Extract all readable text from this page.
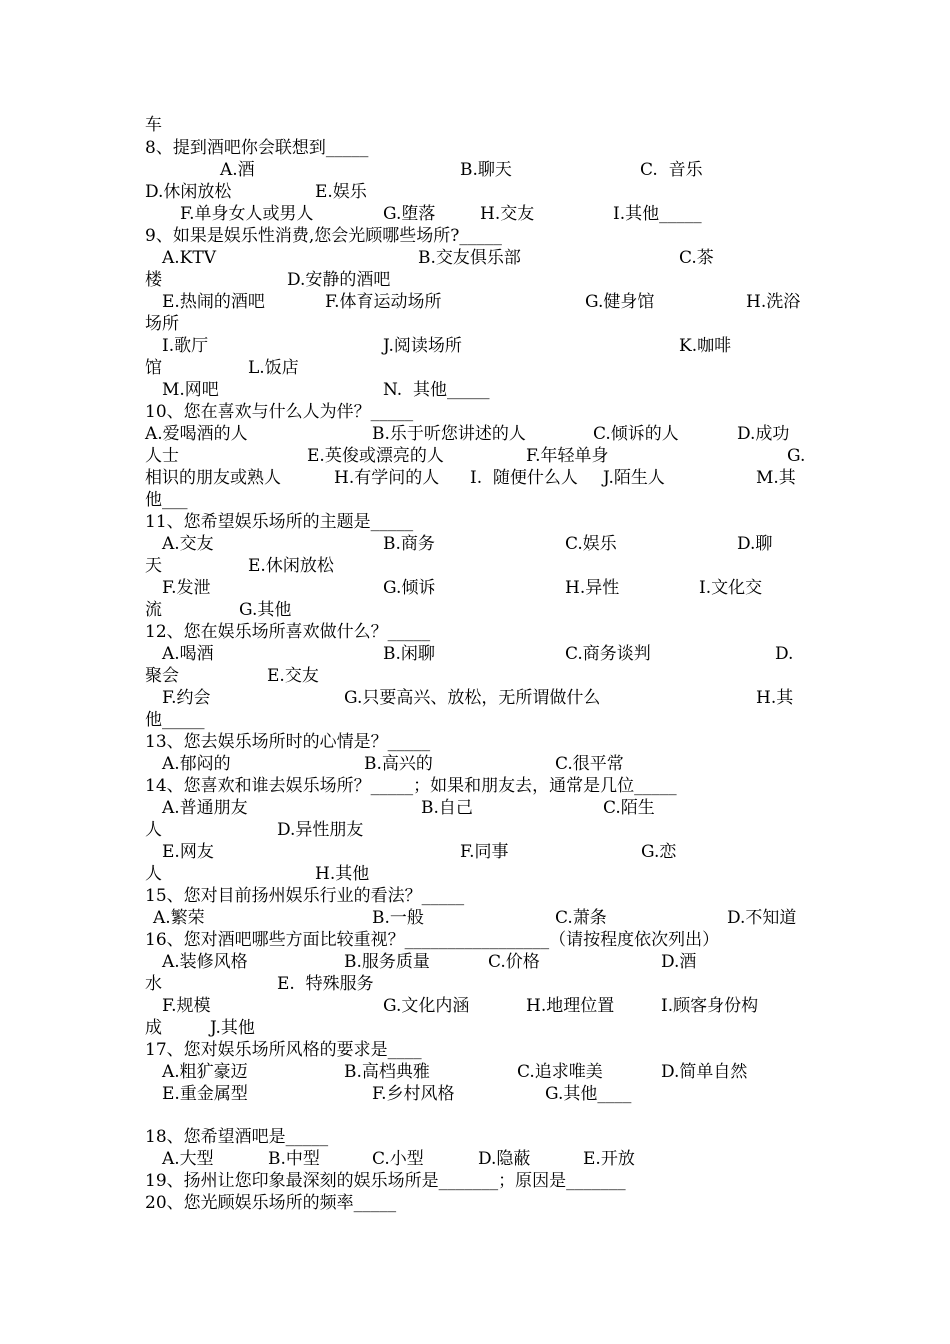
车
8、提到酒吧你会联想到_____
A.酒	B.聊天	C.  音乐
D.休闲放松	E.娱乐
F.单身女人或男人	G.堕落	H.交友	I.其他_____
9、如果是娱乐性消费,您会光顾哪些场所?_____
A.KTV	B.交友俱乐部	C.茶
楼	D.安静的酒吧
E.热闹的酒吧	F.体育运动场所	G.健身馆	H.洗浴
场所
I.歌厅	J.阅读场所	K.咖啡
馆	L.饭店
M.网吧	N.  其他_____
10、您在喜欢与什么人为伴？_____
A.爱喝酒的人	B.乐于听您讲述的人	C.倾诉的人	D.成功
人士	E.英俊或漂亮的人	F.年轻单身	G.
相识的朋友或熟人	H.有学问的人 I.  随便什么人 J.陌生人	M.其
他___
11、您希望娱乐场所的主题是_____
A.交友	B.商务	C.娱乐	D.聊
天	E.休闲放松
F.发泄	G.倾诉	H.异性	I.文化交
流	G.其他
12、您在娱乐场所喜欢做什么？_____
A.喝酒	B.闲聊	C.商务谈判	D.
聚会	E.交友
F.约会	G.只要高兴、放松，无所谓做什么	H.其
他_____
13、您去娱乐场所时的心情是？_____
A.郁闷的	B.高兴的	C.很平常
14、您喜欢和谁去娱乐场所？_____；如果和朋友去，通常是几位_____
A.普通朋友	B.自己	C.陌生
人	D.异性朋友
E.网友	F.同事	G.恋
人	H.其他
15、您对目前扬州娱乐行业的看法？_____
A.繁荣	B.一般	C.萧条	D.不知道
16、您对酒吧哪些方面比较重视？_________________（请按程度依次列出）
A.装修风格	B.服务质量	C.价格	D.酒
水	E.  特殊服务
F.规模	G.文化内涵	H.地理位置	I.顾客身份构
成	J.其他
17、您对娱乐场所风格的要求是____
A.粗犷豪迈	B.高档典雅	C.追求唯美	D.简单自然
E.重金属型	F.乡村风格	G.其他____
18、您希望酒吧是_____
A.大型	B.中型	C.小型	D.隐蔽	E.开放
19、扬州让您印象最深刻的娱乐场所是_______；原因是_______
20、您光顾娱乐场所的频率_____
